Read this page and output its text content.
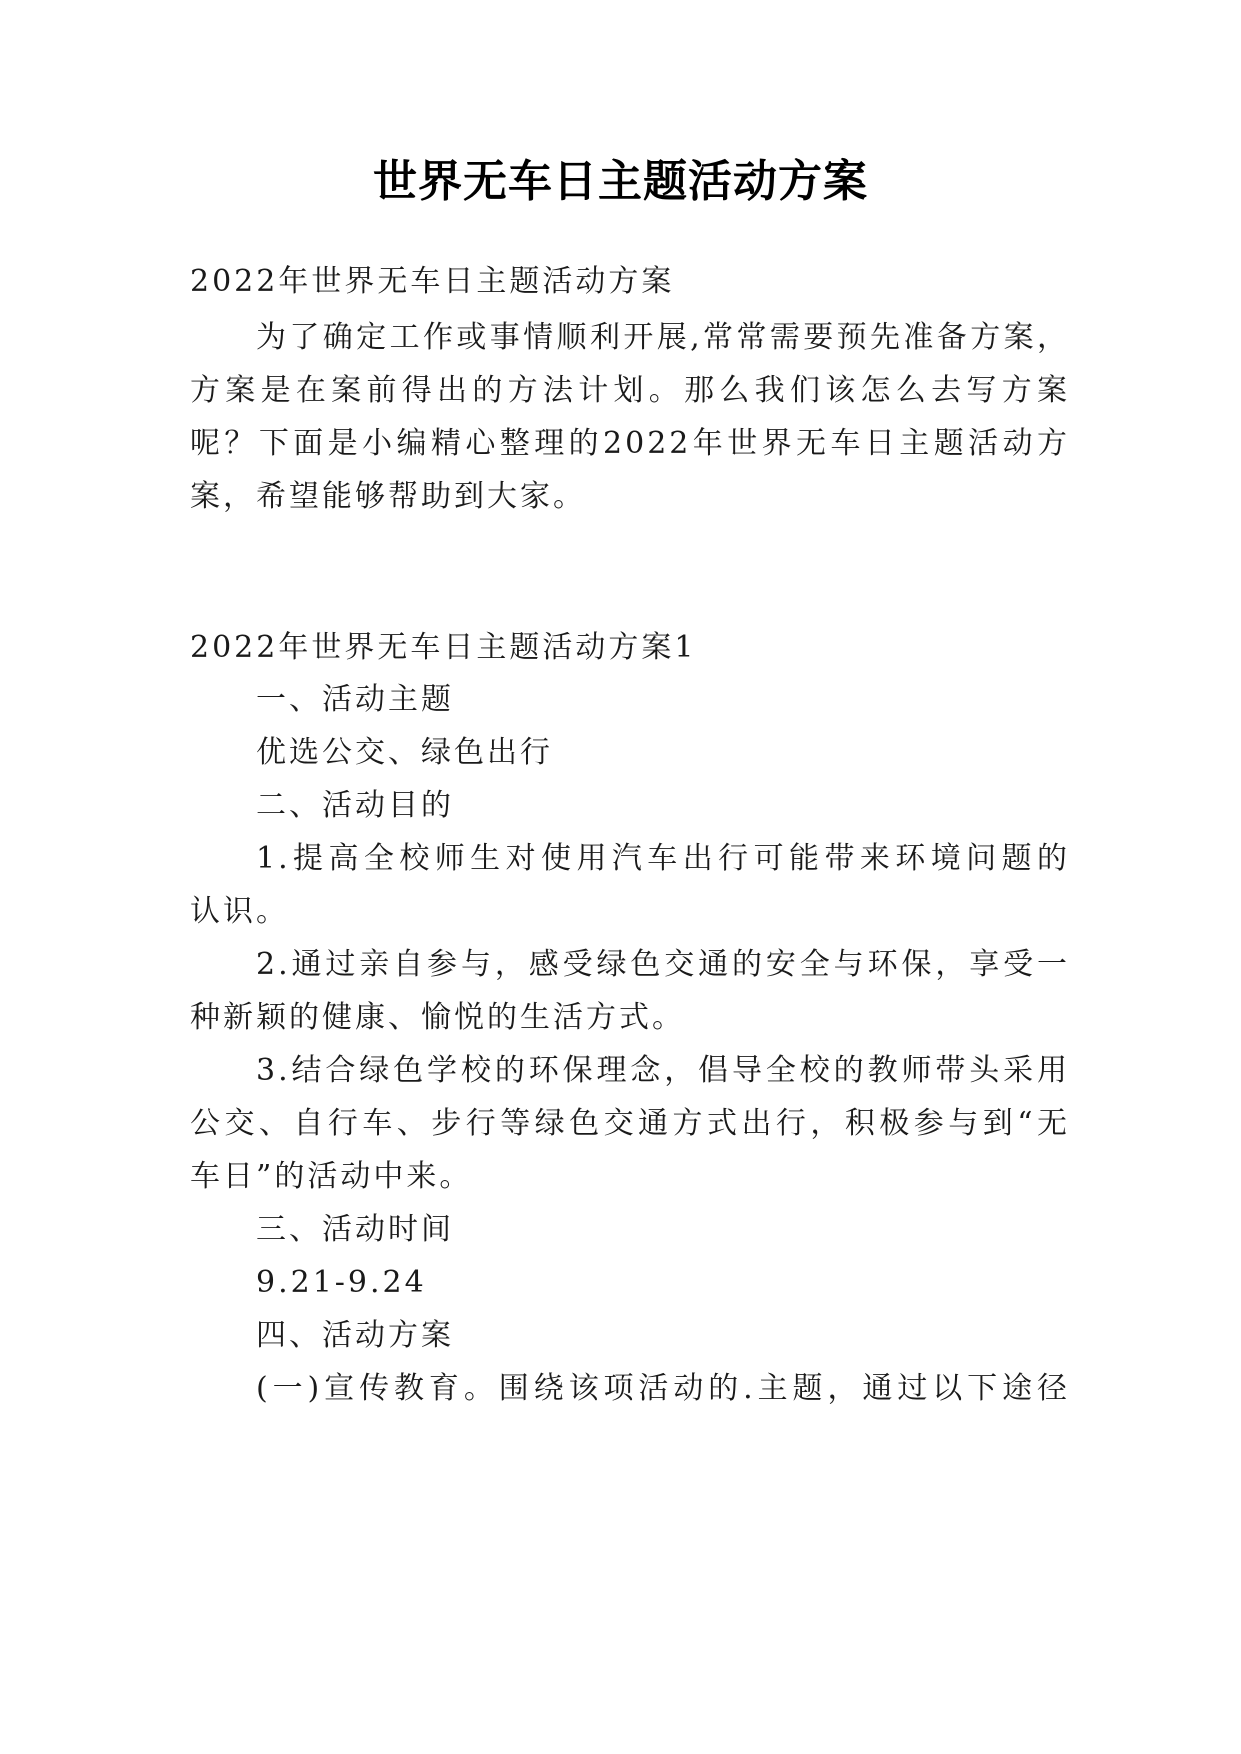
世界无车日主题活动方案
2022年世界无车日主题活动方案
为了确定工作或事情顺利开展,常常需要预先准备方案，
方案是在案前得出的方法计划。那么我们该怎么去写方案
呢？下面是小编精心整理的2022年世界无车日主题活动方
案，希望能够帮助到大家。
2022年世界无车日主题活动方案1
一、活动主题
优选公交、绿色出行
二、活动目的
1.提高全校师生对使用汽车出行可能带来环境问题的
认识。
2.通过亲自参与，感受绿色交通的安全与环保，享受一
种新颖的健康、愉悦的生活方式。
3.结合绿色学校的环保理念，倡导全校的教师带头采用
公交、自行车、步行等绿色交通方式出行，积极参与到“无
车日”的活动中来。
三、活动时间
9.21-9.24
四、活动方案
(一)宣传教育。围绕该项活动的.主题，通过以下途径
